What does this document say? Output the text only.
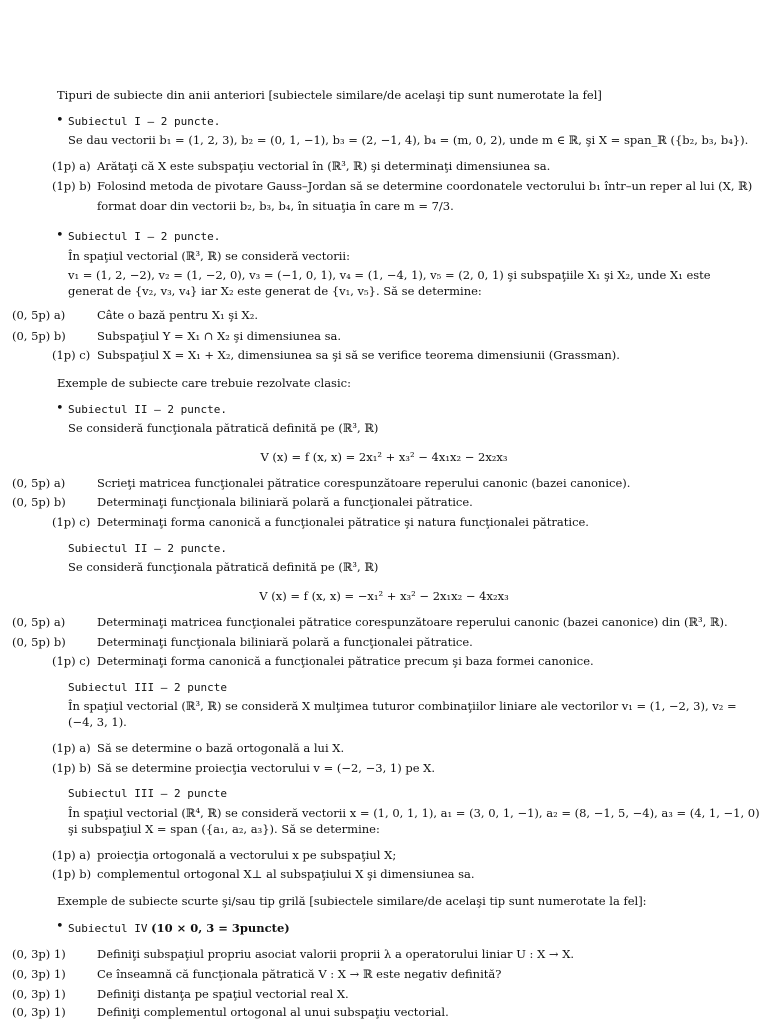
Tipuri de subiecte din anii anteriori [subiectele similare/de acelaşi tip sunt numerotate la fel]
• Subiectul I – 2 puncte.
Se dau vectorii b₁ = (1, 2, 3), b₂ = (0, 1, −1), b₃ = (2, −1, 4), b₄ = (m, 0, 2), unde m ∈ ℝ, şi X = span_ℝ ({b₂, b₃, b₄}).
(1p) a) Arătaţi că X este subspaţiu vectorial în (ℝ³, ℝ) şi determinaţi dimensiunea sa.
(1p) b) Folosind metoda de pivotare Gauss–Jordan să se determine coordonatele vectorului b₁ într–un reper al lui (X, ℝ)
format doar din vectorii b₂, b₃, b₄, în situaţia în care m = 7/3.
• Subiectul I – 2 puncte.
În spaţiul vectorial (ℝ³, ℝ) se consideră vectorii:
v₁ = (1, 2, −2), v₂ = (1, −2, 0), v₃ = (−1, 0, 1), v₄ = (1, −4, 1), v₅ = (2, 0, 1) şi subspaţiile X₁ şi X₂, unde X₁ este
generat de {v₂, v₃, v₄} iar X₂ este generat de {v₁, v₅}. Să se determine:
(0, 5p) a)	Câte o bază pentru X₁ şi X₂.
(0, 5p) b)	Subspaţiul Y = X₁ ∩ X₂ şi dimensiunea sa.
(1p) c) Subspaţiul X = X₁ + X₂, dimensiunea sa şi să se verifice teorema dimensiunii (Grassman).
Exemple de subiecte care trebuie rezolvate clasic:
• Subiectul II – 2 puncte.
Se consideră funcţionala pătratică definită pe (ℝ³, ℝ)
V (x) = f (x, x) = 2x₁² + x₃² − 4x₁x₂ − 2x₂x₃
(0, 5p) a)	Scrieţi matricea funcţionalei pătratice corespunzătoare reperului canonic (bazei canonice).
(0, 5p) b)	Determinaţi funcţionala biliniară polară a funcţionalei pătratice.
(1p) c) Determinaţi forma canonică a funcţionalei pătratice şi natura funcţionalei pătratice.
Subiectul II – 2 puncte.
Se consideră funcţionala pătratică definită pe (ℝ³, ℝ)
V (x) = f (x, x) = −x₁² + x₃² − 2x₁x₂ − 4x₂x₃
(0, 5p) a)	Determinaţi matricea funcţionalei pătratice corespunzătoare reperului canonic (bazei canonice) din (ℝ³, ℝ).
(0, 5p) b)	Determinaţi funcţionala biliniară polară a funcţionalei pătratice.
(1p) c) Determinaţi forma canonică a funcţionalei pătratice precum şi baza formei canonice.
Subiectul III – 2 puncte
În spaţiul vectorial (ℝ³, ℝ) se consideră X mulţimea tuturor combinaţiilor liniare ale vectorilor v₁ = (1, −2, 3), v₂ =
(−4, 3, 1).
(1p) a) Să se determine o bază ortogonală a lui X.
(1p) b) Să se determine proiecţia vectorului v = (−2, −3, 1) pe X.
Subiectul III – 2 puncte
În spaţiul vectorial (ℝ⁴, ℝ) se consideră vectorii x = (1, 0, 1, 1), a₁ = (3, 0, 1, −1), a₂ = (8, −1, 5, −4), a₃ = (4, 1, −1, 0)
şi subspaţiul X = span ({a₁, a₂, a₃}). Să se determine:
(1p) a) proiecţia ortogonală a vectorului x pe subspaţiul X;
(1p) b) complementul ortogonal X⊥ al subspaţiului X şi dimensiunea sa.
Exemple de subiecte scurte şi/sau tip grilă [subiectele similare/de acelaşi tip sunt numerotate la fel]:
• Subiectul IV (10 × 0, 3 = 3puncte)
(0, 3p) 1)	Definiţi subspaţiul propriu asociat valorii proprii λ a operatorului liniar U : X → X.
(0, 3p) 1)	Ce înseamnă că funcţionala pătratică V : X → ℝ este negativ definită?
(0, 3p) 1)	Definiţi distanţa pe spaţiul vectorial real X.
(0, 3p) 1)	Definiţi complementul ortogonal al unui subspaţiu vectorial.
